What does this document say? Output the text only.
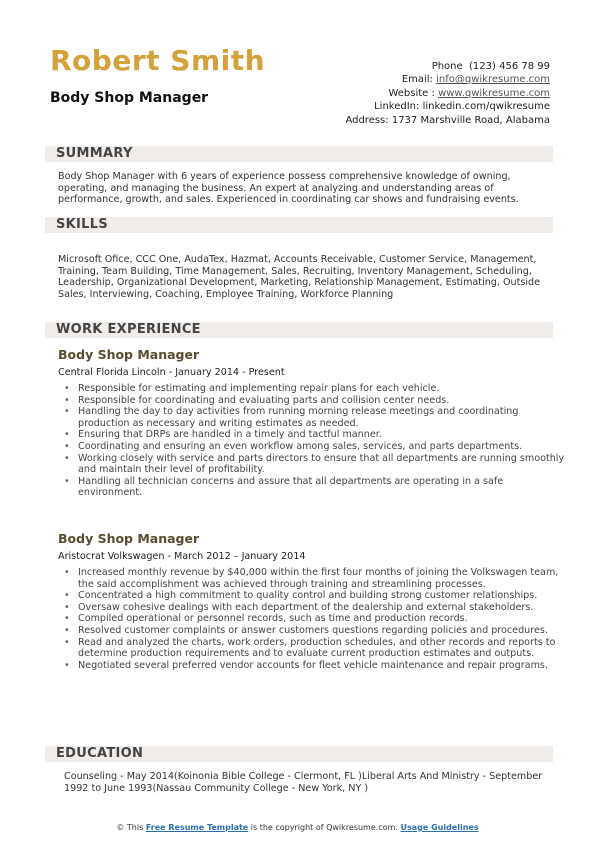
Robert Smith
Body Shop Manager
Phone (123) 456 78 99
Email: info@qwikresume.com
Website : www.qwikresume.com
LinkedIn: linkedin.com/qwikresume
Address: 1737 Marshville Road, Alabama
SUMMARY
Body Shop Manager with 6 years of experience possess comprehensive knowledge of owning, operating, and managing the business. An expert at analyzing and understanding areas of performance, growth, and sales. Experienced in coordinating car shows and fundraising events.
SKILLS
Microsoft Ofice, CCC One, AudaTex, Hazmat, Accounts Receivable, Customer Service, Management, Training, Team Building, Time Management, Sales, Recruiting, Inventory Management, Scheduling, Leadership, Organizational Development, Marketing, Relationship Management, Estimating, Outside Sales, Interviewing, Coaching, Employee Training, Workforce Planning
WORK EXPERIENCE
Body Shop Manager
Central Florida Lincoln - January 2014 - Present
• Responsible for estimating and implementing repair plans for each vehicle.
• Responsible for coordinating and evaluating parts and collision center needs.
• Handling the day to day activities from running morning release meetings and coordinating production as necessary and writing estimates as needed.
• Ensuring that DRPs are handled in a timely and tactful manner.
• Coordinating and ensuring an even workflow among sales, services, and parts departments.
• Working closely with service and parts directors to ensure that all departments are running smoothly and maintain their level of profitability.
• Handling all technician concerns and assure that all departments are operating in a safe environment.
Body Shop Manager
Aristocrat Volkswagen - March 2012 – January 2014
• Increased monthly revenue by $40,000 within the first four months of joining the Volkswagen team, the said accomplishment was achieved through training and streamlining processes.
• Concentrated a high commitment to quality control and building strong customer relationships.
• Oversaw cohesive dealings with each department of the dealership and external stakeholders.
• Compiled operational or personnel records, such as time and production records.
• Resolved customer complaints or answer customers questions regarding policies and procedures.
• Read and analyzed the charts, work orders, production schedules, and other records and reports to determine production requirements and to evaluate current production estimates and outputs.
• Negotiated several preferred vendor accounts for fleet vehicle maintenance and repair programs.
EDUCATION
Counseling - May 2014(Koinonia Bible College - Clermont, FL )Liberal Arts And Ministry - September 1992 to June 1993(Nassau Community College - New York, NY )
© This Free Resume Template is the copyright of Qwikresume.com. Usage Guidelines
